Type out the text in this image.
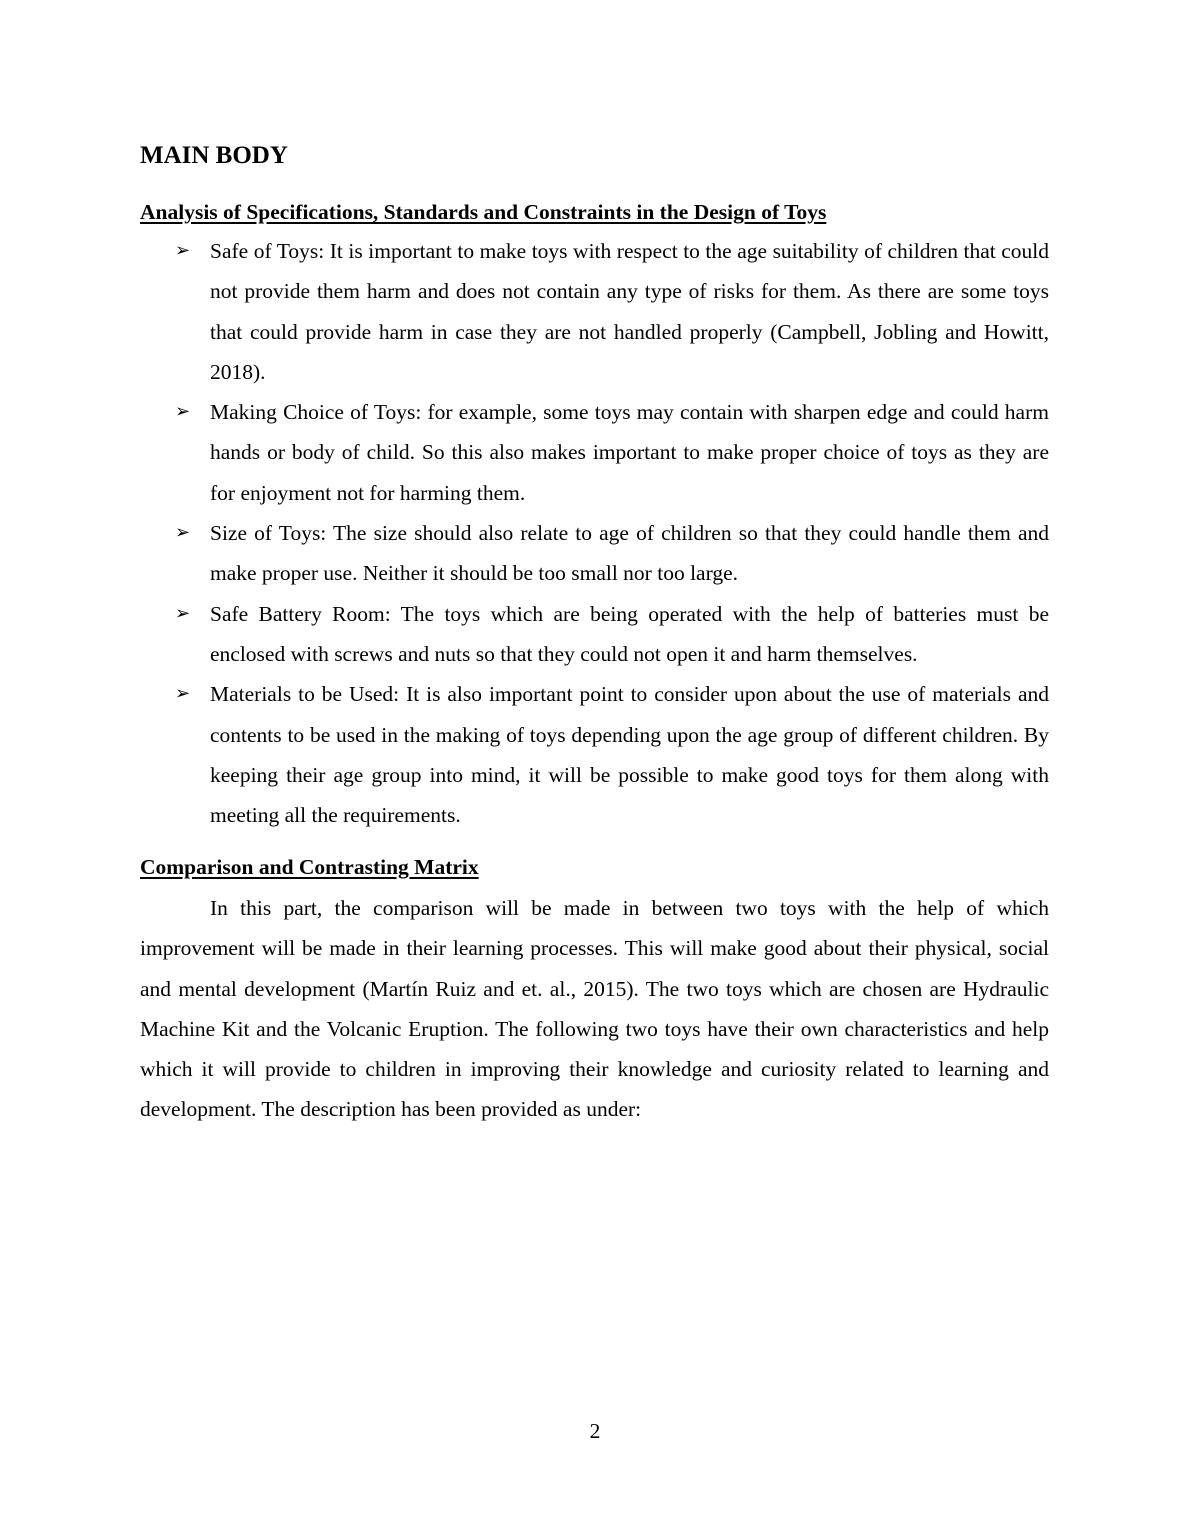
MAIN BODY
Analysis of Specifications, Standards and Constraints in the Design of Toys
➢ Safe of Toys: It is important to make toys with respect to the age suitability of children that could not provide them harm and does not contain any type of risks for them. As there are some toys that could provide harm in case they are not handled properly (Campbell, Jobling and Howitt, 2018).
➢ Making Choice of Toys: for example, some toys may contain with sharpen edge and could harm hands or body of child. So this also makes important to make proper choice of toys as they are for enjoyment not for harming them.
➢ Size of Toys: The size should also relate to age of children so that they could handle them and make proper use. Neither it should be too small nor too large.
➢ Safe Battery Room: The toys which are being operated with the help of batteries must be enclosed with screws and nuts so that they could not open it and harm themselves.
➢ Materials to be Used: It is also important point to consider upon about the use of materials and contents to be used in the making of toys depending upon the age group of different children. By keeping their age group into mind, it will be possible to make good toys for them along with meeting all the requirements.
Comparison and Contrasting Matrix

In this part, the comparison will be made in between two toys with the help of which improvement will be made in their learning processes. This will make good about their physical, social and mental development (Martín Ruiz and et. al., 2015). The two toys which are chosen are Hydraulic Machine Kit and the Volcanic Eruption. The following two toys have their own characteristics and help which it will provide to children in improving their knowledge and curiosity related to learning and development. The description has been provided as under:

2
